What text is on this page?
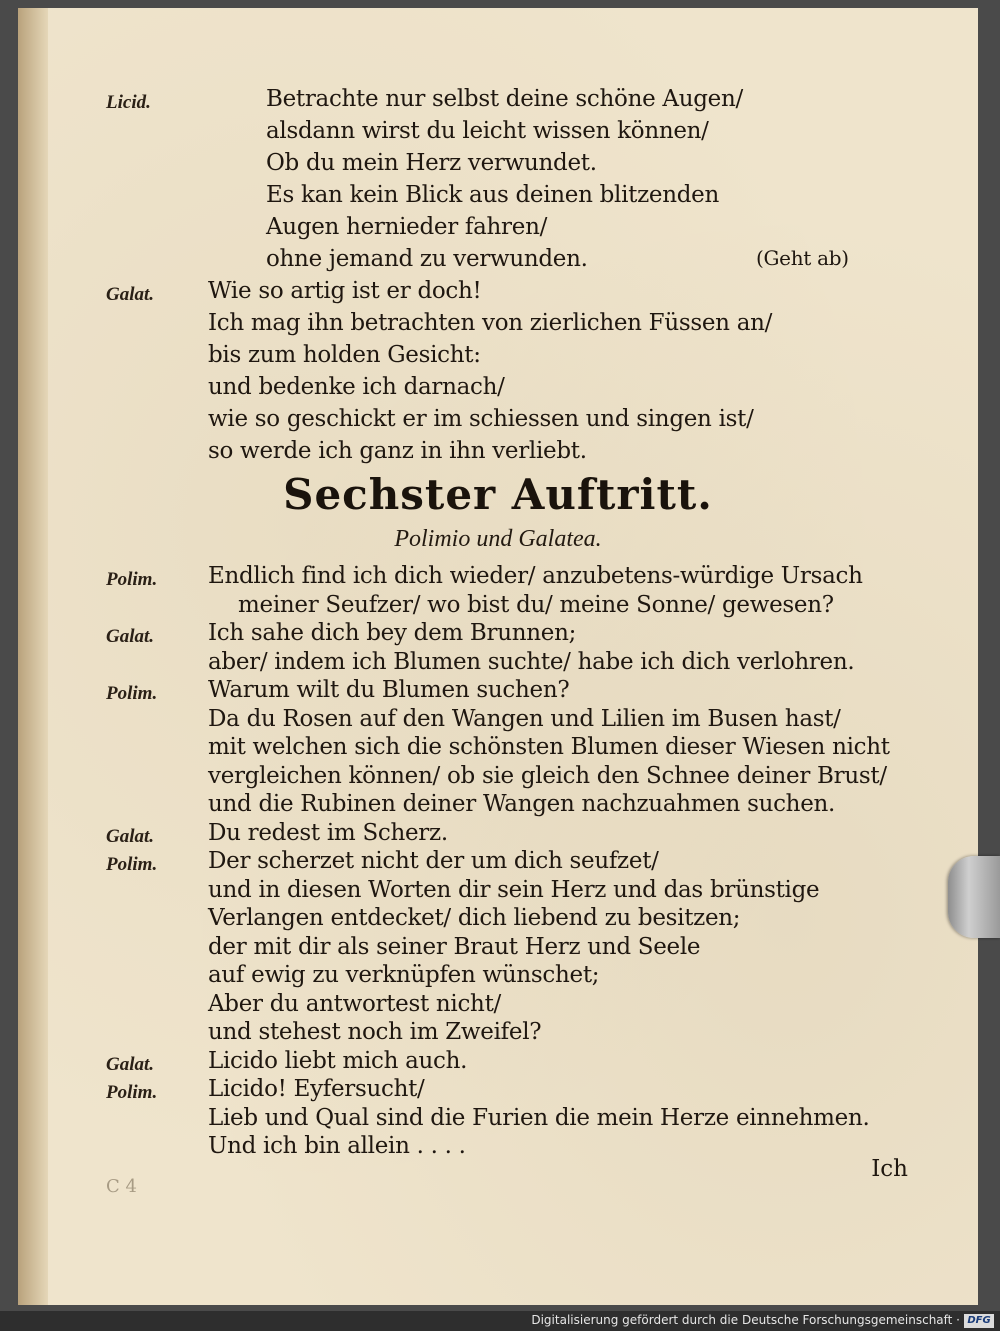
Licid.	Betrachte nur selbst deine schöne Augen/
alsdann wirst du leicht wissen können/
Ob du mein Herz verwundet.
Es kan kein Blick aus deinen blitzenden
Augen hernieder fahren/
ohne jemand zu verwunden.	(Geht ab)
Galat. Wie so artig ist er doch!
Ich mag ihn betrachten von zierlichen Füssen an/
bis zum holden Gesicht:
und bedenke ich darnach/
wie so geschickt er im schiessen und singen ist/
so werde ich ganz in ihn verliebt.
Sechster Auftritt.
Polimio und Galatea.
Polim. Endlich find ich dich wieder/ anzubetens-würdige Ursach
meiner Seufzer/ wo bist du/ meine Sonne/ gewesen?
Galat. Ich sahe dich bey dem Brunnen;
aber/ indem ich Blumen suchte/ habe ich dich verlohren.
Polim. Warum wilt du Blumen suchen?
Da du Rosen auf den Wangen und Lilien im Busen hast/
mit welchen sich die schönsten Blumen dieser Wiesen nicht
vergleichen können/ ob sie gleich den Schnee deiner Brust/
und die Rubinen deiner Wangen nachzuahmen suchen.
Galat. Du redest im Scherz.
Polim. Der scherzet nicht der um dich seufzet/
und in diesen Worten dir sein Herz und das brünstige
Verlangen entdecket/ dich liebend zu besitzen;
der mit dir als seiner Braut Herz und Seele
auf ewig zu verknüpfen wünschet;
Aber du antwortest nicht/
und stehest noch im Zweifel?
Galat. Licido liebt mich auch.
Polim. Licido! Eyfersucht/
Lieb und Qual sind die Furien die mein Herze einnehmen.
Und ich bin allein . . . .
Ich
C 4
Digitalisierung gefördert durch die Deutsche Forschungsgemeinschaft · DFG
